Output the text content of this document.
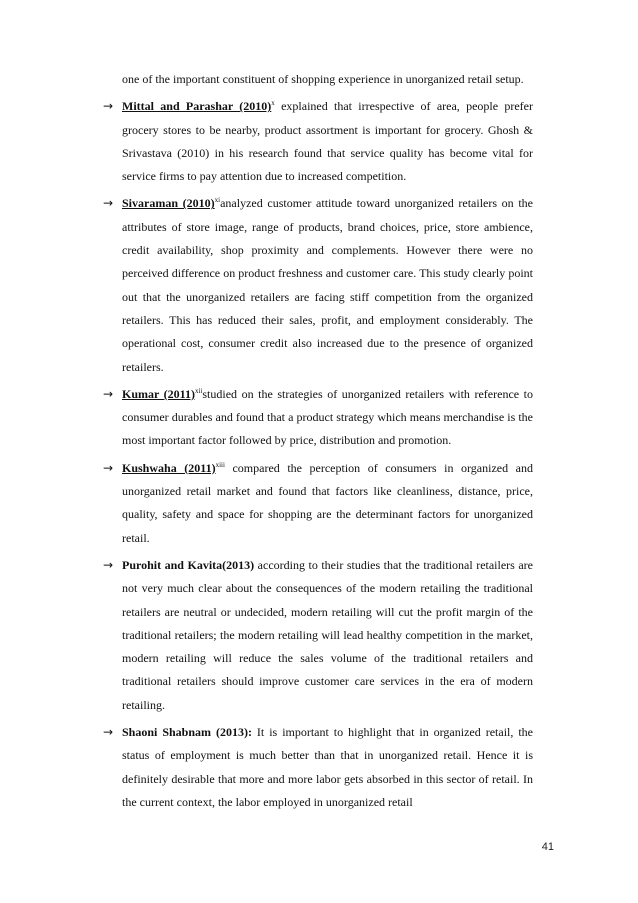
one of the important constituent of shopping experience in unorganized retail setup.

→ Mittal and Parashar $(2010)^x$ explained that irrespective of area, people prefer grocery stores to be nearby, product assortment is important for grocery. Ghosh & Srivastava (2010) in his research found that service quality has become vital for service firms to pay attention due to increased competition.

→ Sivaraman $(2010)^{xi}analyzed$ customer attitude toward unorganized retailers on the attributes of store image, range of products, brand choices, price, store ambience, credit availability, shop proximity and complements. However there were no perceived difference on product freshness and customer care. This study clearly point out that the unorganized retailers are facing stiff competition from the organized retailers. This has reduced their sales, profit, and employment considerably. The operational cost, consumer credit also increased due to the presence of organized retailers.

→ Kumar $(2011)^{xii}studied$ on the strategies of unorganized retailers with reference to consumer durables and found that a product strategy which means merchandise is the most important factor followed by price, distribution and promotion.

→ Kushwaha $(2011)^{xiii}$ compared the perception of consumers in organized and unorganized retail market and found that factors like cleanliness, distance, price, quality, safety and space for shopping are the determinant factors for unorganized retail.

→ Purohit and Kavita(2013) according to their studies that the traditional retailers are not very much clear about the consequences of the modern retailing the traditional retailers are neutral or undecided, modern retailing will cut the profit margin of the traditional retailers; the modern retailing will lead healthy competition in the market, modern retailing will reduce the sales volume of the traditional retailers and traditional retailers should improve customer care services in the era of modern retailing.

→ Shaoni Shabnam (2013): It is important to highlight that in organized retail, the status of employment is much better than that in unorganized retail. Hence it is definitely desirable that more and more labor gets absorbed in this sector of retail. In the current context, the labor employed in unorganized retail

41
